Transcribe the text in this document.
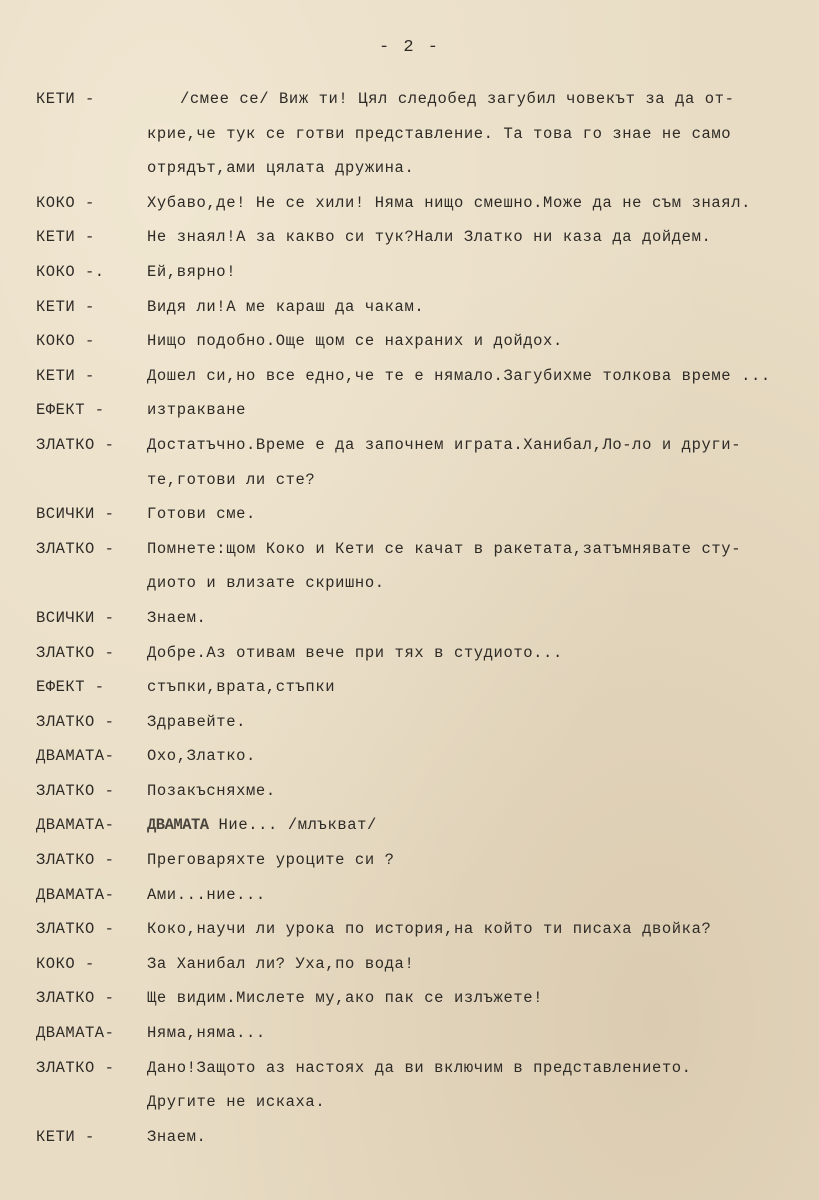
- 2 -
КЕТИ -	/смее се/ Виж ти! Цял следобед загубил човекът за да от-
крие,че тук се готви представление. Та това го знае не само
отрядът,ами цялата дружина.
КОКО -	Хубаво,де! Не се хили! Няма нищо смешно.Може да не съм знаял.
КЕТИ -	Не знаял!А за какво си тук?Нали Златко ни каза да дойдем.
КОКО -.	Ей,вярно!
КЕТИ -	Видя ли!А ме караш да чакам.
КОКО -	Нищо подобно.Още щом се нахраних и дойдох.
КЕТИ -	Дошел си,но все едно,че те е нямало.Загубихме толкова време ...
ЕФЕКТ -	изтракване
ЗЛАТКО -	Достатъчно.Време е да започнем играта.Ханибал,Ло-ло и други-
те,готови ли сте?
ВСИЧКИ -	Готови сме.
ЗЛАТКО -	Помнете:щом Коко и Кети се качат в ракетата,затъмнявате сту-
диото и влизате скришно.
ВСИЧКИ -	Знаем.
ЗЛАТКО -	Добре.Аз отивам вече при тях в студиото...
ЕФЕКТ -	стъпки,врата,стъпки
ЗЛАТКО -	Здравейте.
ДВАМАТА-	Охо,Златко.
ЗЛАТКО -	Позакъсняхме.
ДВАМАТА-	ДВАМАТА Ние... /млъкват/
ЗЛАТКО -	Преговаряхте уроците си ?
ДВАМАТА-	Ами...ние...
ЗЛАТКО -	Коко,научи ли урока по история,на който ти писаха двойка?
КОКО -	За Ханибал ли? Уха,по вода!
ЗЛАТКО -	Ще видим.Мислете му,ако пак се излъжете!
ДВАМАТА-	Няма,няма...
ЗЛАТКО -	Дано!Защото аз настоях да ви включим в представлението.
Другите не искаха.
КЕТИ -	Знаем.
